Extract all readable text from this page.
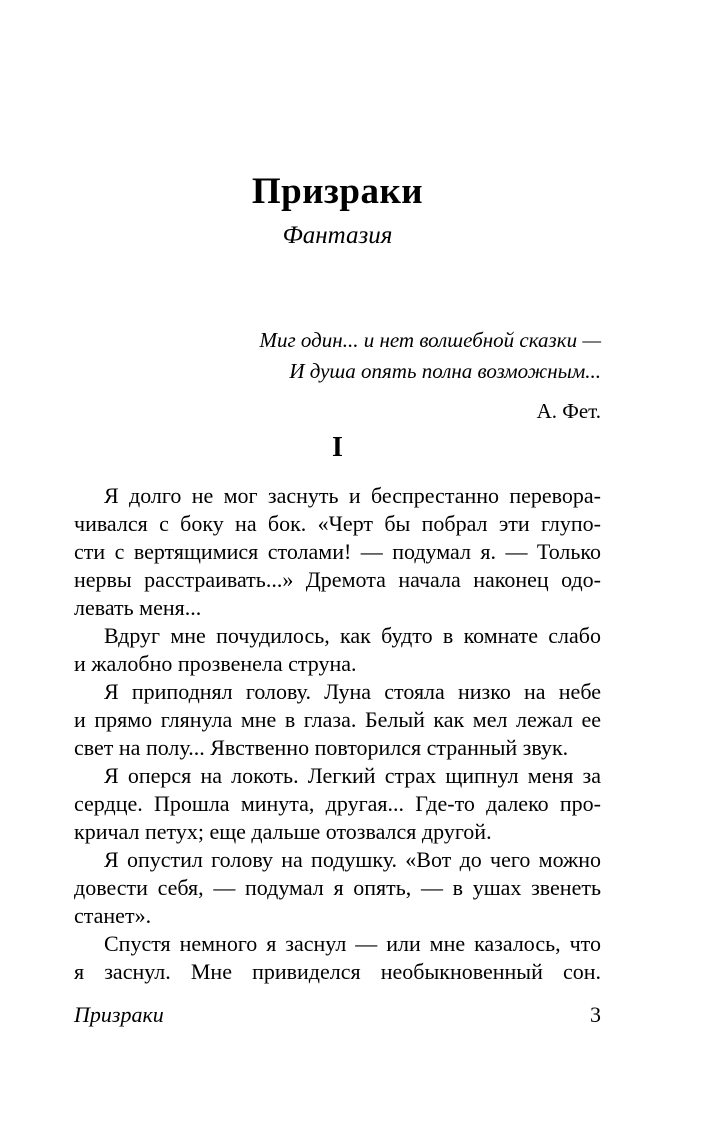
Призраки
Фантазия
Миг один... и нет волшебной сказки —
И душа опять полна возможным...
А. Фет.
I
Я долго не мог заснуть и беспрестанно перевора-
чивался с боку на бок. «Черт бы побрал эти глупо-
сти с вертящимися столами! — подумал я. — Только
нервы расстраивать...» Дремота начала наконец одо-
левать меня...
Вдруг мне почудилось, как будто в комнате слабо
и жалобно прозвенела струна.
Я приподнял голову. Луна стояла низко на небе
и прямо глянула мне в глаза. Белый как мел лежал ее
свет на полу... Явственно повторился странный звук.
Я оперся на локоть. Легкий страх щипнул меня за
сердце. Прошла минута, другая... Где-то далеко про-
кричал петух; еще дальше отозвался другой.
Я опустил голову на подушку. «Вот до чего можно
довести себя, — подумал я опять, — в ушах звенеть
станет».
Спустя немного я заснул — или мне казалось, что
я заснул. Мне привиделся необыкновенный сон.
Призраки	3
